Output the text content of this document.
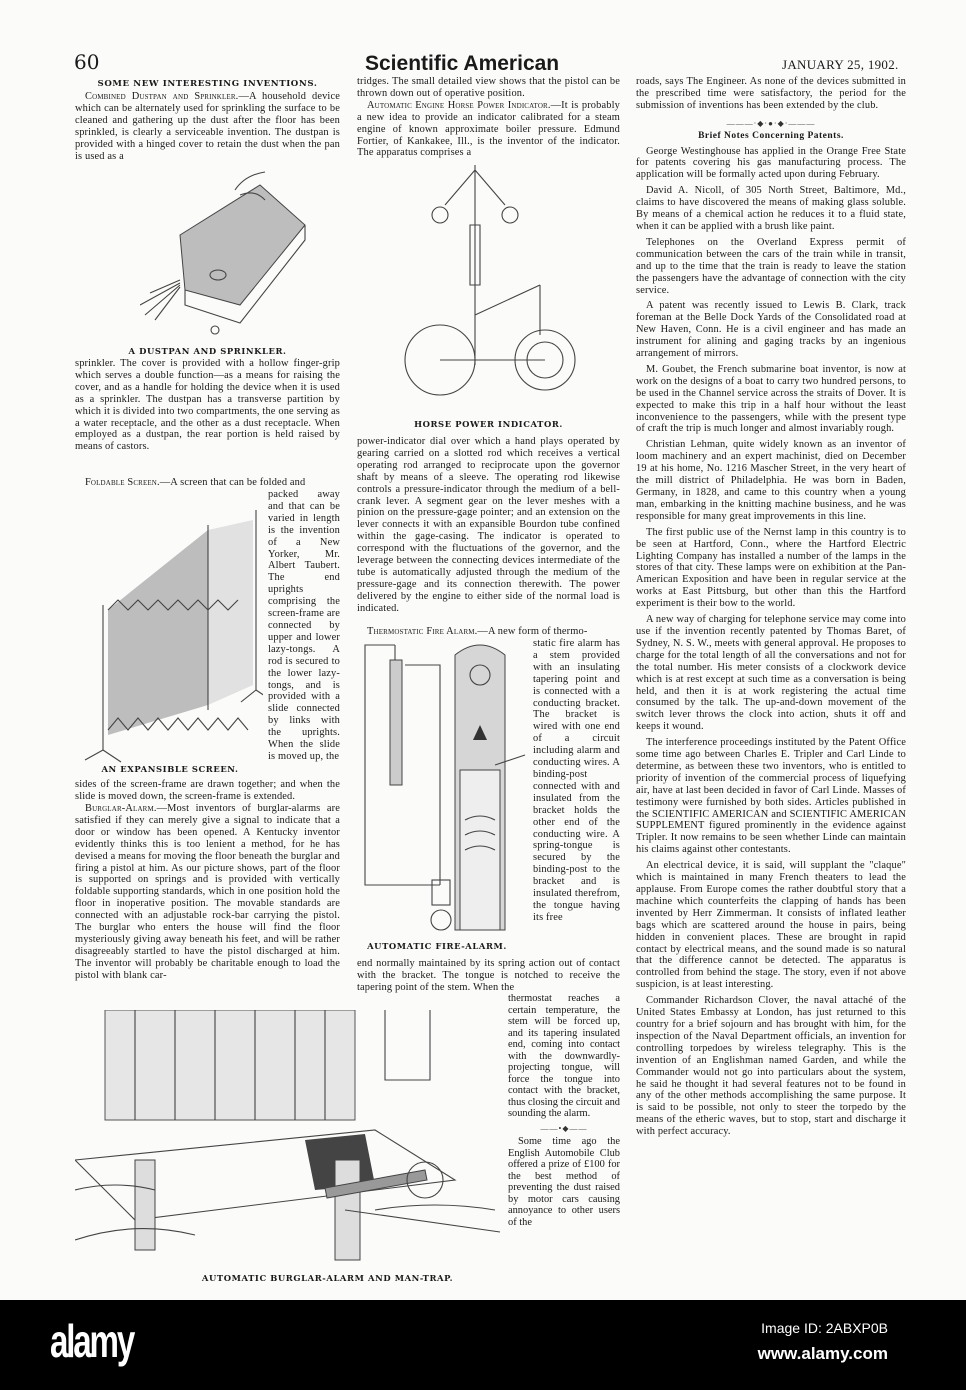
60	Scientific American	JANUARY 25, 1902.
SOME NEW INTERESTING INVENTIONS.

Combined Dustpan and Sprinkler.—A household device which can be alternately used for sprinkling the surface to be cleaned and gathering up the dust after the floor has been sprinkled, is clearly a serviceable invention. The dustpan is provided with a hinged cover to retain the dust when the pan is used as a

A DUSTPAN AND SPRINKLER.

sprinkler. The cover is provided with a hollow finger-grip which serves a double function—as a means for raising the cover, and as a handle for holding the device when it is used as a sprinkler. The dustpan has a transverse partition by which it is divided into two compartments, the one serving as a water receptacle, and the other as a dust receptacle. When employed as a dustpan, the rear portion is held raised by means of castors.

Foldable Screen.—A screen that can be folded and

packed away and that can be varied in length is the invention of a New Yorker, Mr. Albert Taubert. The end uprights comprising the screen-frame are connected by upper and lower lazy-tongs. A rod is secured to the lower lazy-tongs, and is provided with a slide connected by links with the uprights. When the slide is moved up, the

AN EXPANSIBLE SCREEN.

sides of the screen-frame are drawn together; and when the slide is moved down, the screen-frame is extended.

Burglar-Alarm.—Most inventors of burglar-alarms are satisfied if they can merely give a signal to indicate that a door or window has been opened. A Kentucky inventor evidently thinks this is too lenient a method, for he has devised a means for moving the floor beneath the burglar and firing a pistol at him. As our picture shows, part of the floor is supported on springs and is provided with vertically foldable supporting standards, which in one position hold the floor in inoperative position. The movable standards are connected with an adjustable rock-bar carrying the pistol. The burglar who enters the house will find the floor mysteriously giving away beneath his feet, and will be rather disagreeably startled to have the pistol discharged at him. The inventor will probably be charitable enough to load the pistol with blank car-

AUTOMATIC BURGLAR-ALARM AND MAN-TRAP.

tridges. The small detailed view shows that the pistol can be thrown down out of operative position.

Automatic Engine Horse Power Indicator.—It is probably a new idea to provide an indicator calibrated for a steam engine of known approximate boiler pressure. Edmund Fortier, of Kankakee, Ill., is the inventor of the indicator. The apparatus comprises a

HORSE POWER INDICATOR.

power-indicator dial over which a hand plays operated by gearing carried on a slotted rod which receives a vertical operating rod arranged to reciprocate upon the governor shaft by means of a sleeve. The operating rod likewise controls a pressure-indicator through the medium of a bell-crank lever. A segment gear on the lever meshes with a pinion on the pressure-gage pointer; and an extension on the lever connects it with an expansible Bourdon tube confined within the gage-casing. The indicator is operated to correspond with the fluctuations of the governor, and the leverage between the connecting devices intermediate of the tube is automatically adjusted through the medium of the pressure-gage and its connection therewith. The power delivered by the engine to either side of the normal load is indicated.

Thermostatic Fire Alarm.—A new form of thermo-

static fire alarm has a stem provided with an insulating tapering point and is connected with a conducting bracket. The bracket is wired with one end of a circuit including alarm and conducting wires. A binding-post connected with and insulated from the bracket holds the other end of the conducting wire. A spring-tongue is secured by the binding-post to the bracket and is insulated therefrom, the tongue having its free

AUTOMATIC FIRE-ALARM.

end normally maintained by its spring action out of contact with the bracket. The tongue is notched to receive the tapering point of the stem. When the

thermostat reaches a certain temperature, the stem will be forced up, and its tapering insulated end, coming into contact with the downwardly-projecting tongue, will force the tongue into contact with the bracket, thus closing the circuit and sounding the alarm.

——•◆——

Some time ago the English Automobile Club offered a prize of £100 for the best method of preventing the dust raised by motor cars causing annoyance to other users of the

roads, says The Engineer. As none of the devices submitted in the prescribed time were satisfactory, the period for the submission of inventions has been extended by the club.

———·◆·●·◆·———
Brief Notes Concerning Patents.

George Westinghouse has applied in the Orange Free State for patents covering his gas manufacturing process. The application will be formally acted upon during February.

David A. Nicoll, of 305 North Street, Baltimore, Md., claims to have discovered the means of making glass soluble. By means of a chemical action he reduces it to a fluid state, when it can be applied with a brush like paint.

Telephones on the Overland Express permit of communication between the cars of the train while in transit, and up to the time that the train is ready to leave the station the passengers have the advantage of connection with the city service.

A patent was recently issued to Lewis B. Clark, track foreman at the Belle Dock Yards of the Consolidated road at New Haven, Conn. He is a civil engineer and has made an instrument for alining and gaging tracks by an ingenious arrangement of mirrors.

M. Goubet, the French submarine boat inventor, is now at work on the designs of a boat to carry two hundred persons, to be used in the Channel service across the straits of Dover. It is expected to make this trip in a half hour without the least inconvenience to the passengers, while with the present type of craft the trip is much longer and almost invariably rough.

Christian Lehman, quite widely known as an inventor of loom machinery and an expert machinist, died on December 19 at his home, No. 1216 Mascher Street, in the very heart of the mill district of Philadelphia. He was born in Baden, Germany, in 1828, and came to this country when a young man, embarking in the knitting machine business, and he was responsible for many great improvements in this line.

The first public use of the Nernst lamp in this country is to be seen at Hartford, Conn., where the Hartford Electric Lighting Company has installed a number of the lamps in the stores of that city. These lamps were on exhibition at the Pan-American Exposition and have been in regular service at the works at East Pittsburg, but other than this the Hartford experiment is their bow to the world.

A new way of charging for telephone service may come into use if the invention recently patented by Thomas Baret, of Sydney, N. S. W., meets with general approval. He proposes to charge for the total length of all the conversations and not for the total number. His meter consists of a clockwork device which is at rest except at such time as a conversation is being held, and then it is at work registering the actual time consumed by the talk. The up-and-down movement of the switch lever throws the clock into action, shuts it off and keeps it wound.

The interference proceedings instituted by the Patent Office some time ago between Charles E. Tripler and Carl Linde to determine, as between these two inventors, who is entitled to priority of invention of the commercial process of liquefying air, have at last been decided in favor of Carl Linde. Masses of testimony were furnished by both sides. Articles published in the SCIENTIFIC AMERICAN and SCIENTIFIC AMERICAN SUPPLEMENT figured prominently in the evidence against Tripler. It now remains to be seen whether Linde can maintain his claims against other contestants.

An electrical device, it is said, will supplant the "claque" which is maintained in many French theaters to lead the applause. From Europe comes the rather doubtful story that a machine which counterfeits the clapping of hands has been invented by Herr Zimmerman. It consists of inflated leather bags which are scattered around the house in pairs, being hidden in convenient places. These are brought in rapid contact by electrical means, and the sound made is so natural that the difference cannot be detected. The apparatus is controlled from behind the stage. The story, even if not above suspicion, is at least interesting.

Commander Richardson Clover, the naval attaché of the United States Embassy at London, has just returned to this country for a brief sojourn and has brought with him, for the inspection of the Naval Department officials, an invention for controlling torpedoes by wireless telegraphy. This is the invention of an Englishman named Garden, and while the Commander would not go into particulars about the system, he said he thought it had several features not to be found in any of the other methods accomplishing the same purpose. It is said to be possible, not only to steer the torpedo by the means of the etheric waves, but to stop, start and discharge it with perfect accuracy.

alamy	Image ID: 2ABXP0B
www.alamy.com
